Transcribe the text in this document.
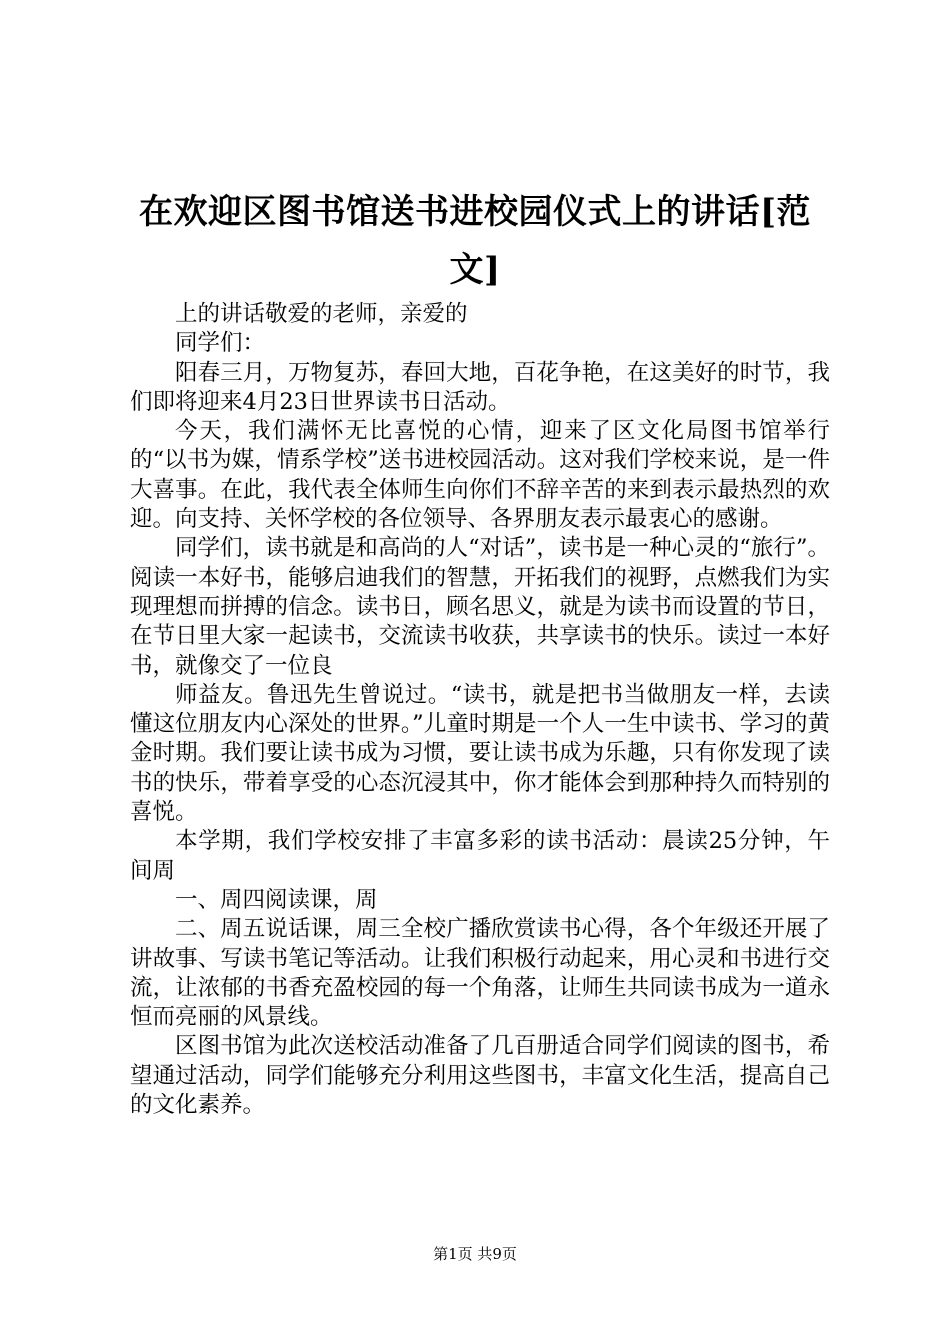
在欢迎区图书馆送书进校园仪式上的讲话[范文]

上的讲话敬爱的老师，亲爱的

同学们：

阳春三月，万物复苏，春回大地，百花争艳，在这美好的时节，我们即将迎来4月23日世界读书日活动。

今天，我们满怀无比喜悦的心情，迎来了区文化局图书馆举行的“以书为媒，情系学校”送书进校园活动。这对我们学校来说，是一件大喜事。在此，我代表全体师生向你们不辞辛苦的来到表示最热烈的欢迎。向支持、关怀学校的各位领导、各界朋友表示最衷心的感谢。

同学们，读书就是和高尚的人“对话”，读书是一种心灵的“旅行”。阅读一本好书，能够启迪我们的智慧，开拓我们的视野，点燃我们为实现理想而拼搏的信念。读书日，顾名思义，就是为读书而设置的节日，在节日里大家一起读书，交流读书收获，共享读书的快乐。读过一本好书，就像交了一位良

师益友。鲁迅先生曾说过。“读书，就是把书当做朋友一样，去读懂这位朋友内心深处的世界。”儿童时期是一个人一生中读书、学习的黄金时期。我们要让读书成为习惯，要让读书成为乐趣，只有你发现了读书的快乐，带着享受的心态沉浸其中，你才能体会到那种持久而特别的喜悦。

本学期，我们学校安排了丰富多彩的读书活动：晨读25分钟，午间周

一、周四阅读课，周

二、周五说话课，周三全校广播欣赏读书心得，各个年级还开展了讲故事、写读书笔记等活动。让我们积极行动起来，用心灵和书进行交流，让浓郁的书香充盈校园的每一个角落，让师生共同读书成为一道永恒而亮丽的风景线。

区图书馆为此次送校活动准备了几百册适合同学们阅读的图书，希望通过活动，同学们能够充分利用这些图书，丰富文化生活，提高自己的文化素养。

第1页 共9页
